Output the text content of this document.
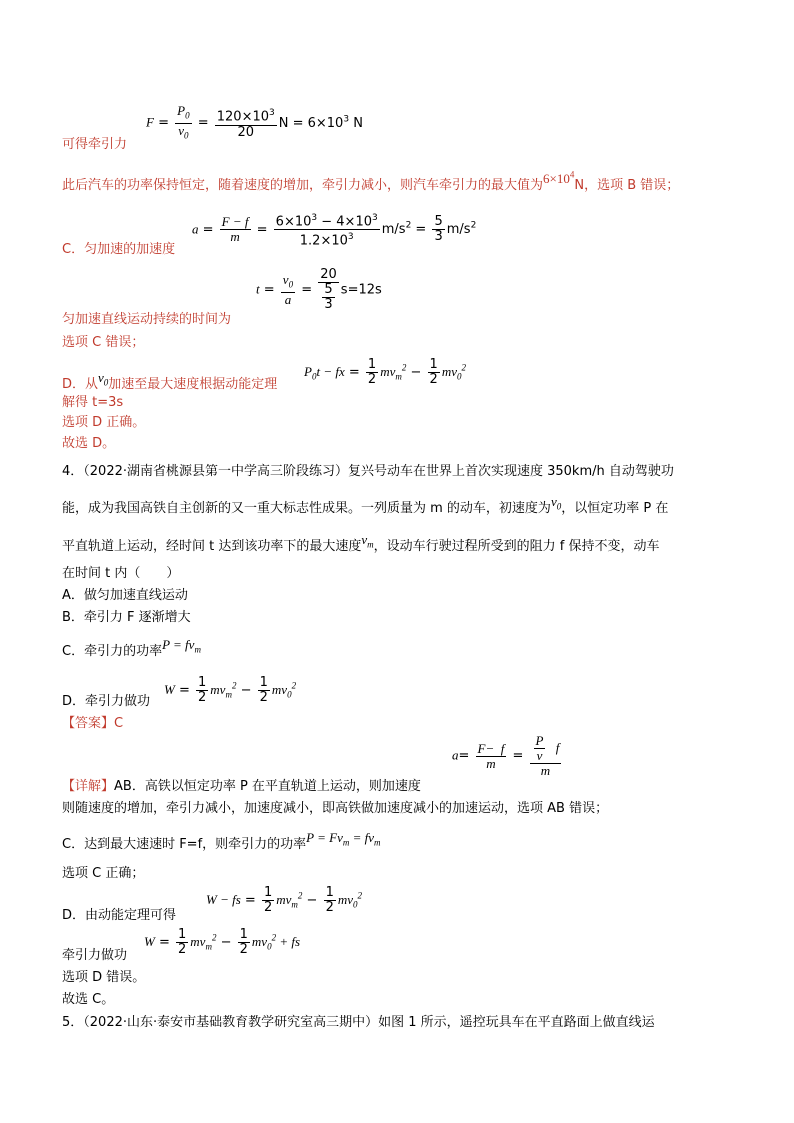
$F = \frac{P_0}{v_0} = \frac{120\times 10^3}{20}$ $N = 6\times 10^3$ N
可得牵引力
此后汽车的功率保持恒定，随着速度的增加，牵引力减小，则汽车牵引力的最大值为$6\times 10^4N$，选项 B 错误；
$a = \frac{F - f}{m} = \frac{6\times 10^3 - 4\times 10^3}{1.2\times 10^3} m/s^2 = \frac{5}{3} m/s^2$
C．匀加速的加速度
$t = \frac{v_0}{a} = \frac{20}{\frac{5}{3}} s=12s$
匀加速直线运动持续的时间为
选项 C 错误；
$P_0t$ − fx = $\frac{1}{2} mv_m^2 - \frac{1}{2} mv_0^2$
D．从$v_0$加速至最大速度根据动能定理
解得 t=3s
选项 D 正确。
故选 D。
4．（2022·湖南省桃源县第一中学高三阶段练习）复兴号动车在世界上首次实现速度 350km/h 自动驾驶功
能，成为我国高铁自主创新的又一重大标志性成果。一列质量为 m 的动车，初速度为$v_0$，以恒定功率 P 在
平直轨道上运动，经时间 t 达到该功率下的最大速度$v_m$，设动车行驶过程所受到的阻力 f 保持不变，动车
在时间 t 内（　　）
A．做匀加速直线运动
B．牵引力 F 逐渐增大
C．牵引力的功率$P = fv_m$
$W = \frac{1}{2} mv_m^2 - \frac{1}{2} mv_0^2$
D．牵引力做功
【答案】C
$a= \frac{F- f}{m} = \frac{\frac{P}{v} f}{m}$
【详解】AB．高铁以恒定功率 P 在平直轨道上运动，则加速度
则随速度的增加，牵引力减小，加速度减小，即高铁做加速度减小的加速运动，选项 AB 错误；
C．达到最大速速时 F=f，则牵引力的功率$P = Fv_m = fv_m$
选项 C 正确；
W − fs = $\frac{1}{2} mv_m^2 - \frac{1}{2} mv_0^2$
D．由动能定理可得
$W = \frac{1}{2} mv_m^2 - \frac{1}{2} mv_0^2$ + fs
牵引力做功
选项 D 错误。
故选 C。
5．（2022·山东·泰安市基础教育教学研究室高三期中）如图 1 所示，遥控玩具车在平直路面上做直线运
